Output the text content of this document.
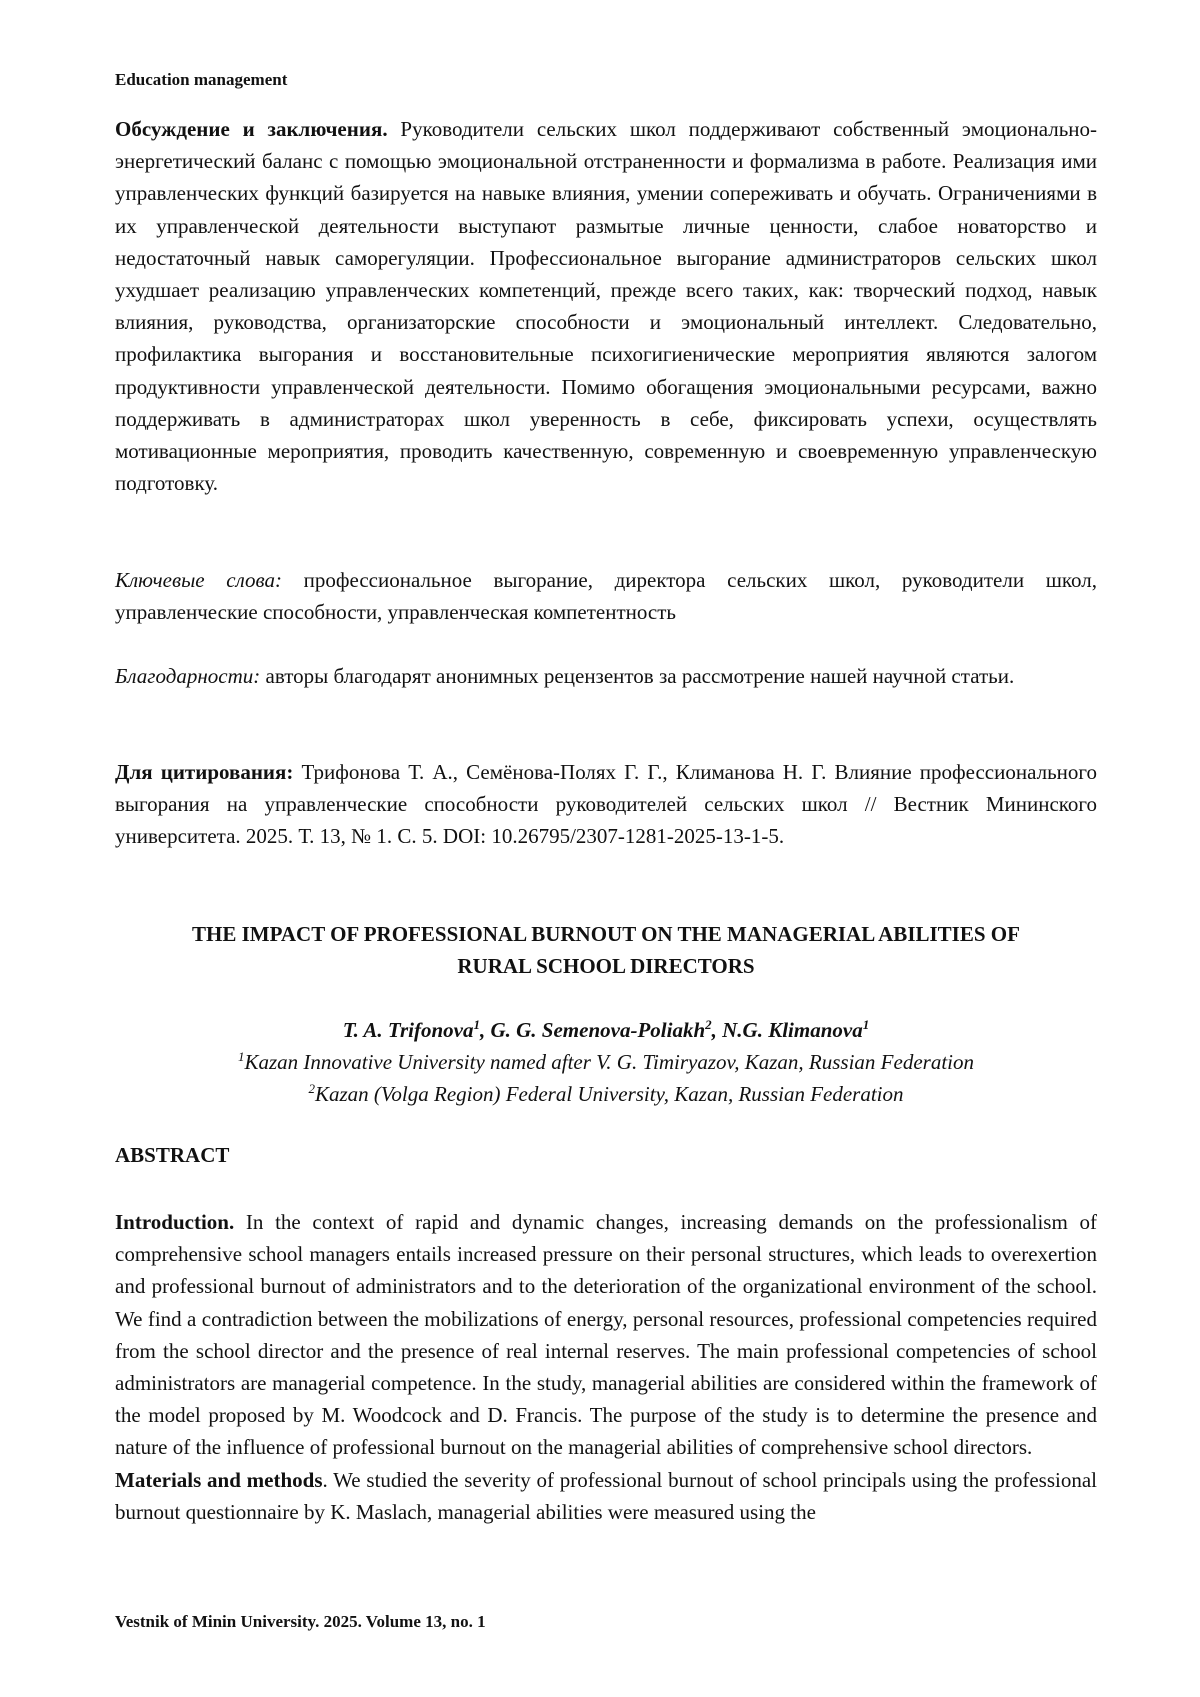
Education management

Обсуждение и заключения. Руководители сельских школ поддерживают собственный эмоционально-энергетический баланс с помощью эмоциональной отстраненности и формализма в работе. Реализация ими управленческих функций базируется на навыке влияния, умении сопереживать и обучать. Ограничениями в их управленческой деятельности выступают размытые личные ценности, слабое новаторство и недостаточный навык саморегуляции. Профессиональное выгорание администраторов сельских школ ухудшает реализацию управленческих компетенций, прежде всего таких, как: творческий подход, навык влияния, руководства, организаторские способности и эмоциональный интеллект. Следовательно, профилактика выгорания и восстановительные психогигиенические мероприятия являются залогом продуктивности управленческой деятельности. Помимо обогащения эмоциональными ресурсами, важно поддерживать в администраторах школ уверенность в себе, фиксировать успехи, осуществлять мотивационные мероприятия, проводить качественную, современную и своевременную управленческую подготовку.

Ключевые слова: профессиональное выгорание, директора сельских школ, руководители школ, управленческие способности, управленческая компетентность

Благодарности: авторы благодарят анонимных рецензентов за рассмотрение нашей научной статьи.

Для цитирования: Трифонова Т. А., Семёнова-Полях Г. Г., Климанова Н. Г. Влияние профессионального выгорания на управленческие способности руководителей сельских школ // Вестник Мининского университета. 2025. Т. 13, № 1. С. 5. DOI: 10.26795/2307-1281-2025-13-1-5.

THE IMPACT OF PROFESSIONAL BURNOUT ON THE MANAGERIAL ABILITIES OF
RURAL SCHOOL DIRECTORS
T. A. Trifonova$^1$, G. G. Semenova-Poliakh$^2$, N.G. Klimanova$^1$
$^1$Kazan Innovative University named after V. G. Timiryazov, Kazan, Russian Federation
$^2$Kazan (Volga Region) Federal University, Kazan, Russian Federation
ABSTRACT

Introduction. In the context of rapid and dynamic changes, increasing demands on the professionalism of comprehensive school managers entails increased pressure on their personal structures, which leads to overexertion and professional burnout of administrators and to the deterioration of the organizational environment of the school. We find a contradiction between the mobilizations of energy, personal resources, professional competencies required from the school director and the presence of real internal reserves. The main professional competencies of school administrators are managerial competence. In the study, managerial abilities are considered within the framework of the model proposed by M. Woodcock and D. Francis. The purpose of the study is to determine the presence and nature of the influence of professional burnout on the managerial abilities of comprehensive school directors.

Materials and methods. We studied the severity of professional burnout of school principals using the professional burnout questionnaire by K. Maslach, managerial abilities were measured using the

Vestnik of Minin University. 2025. Volume 13, no. 1
